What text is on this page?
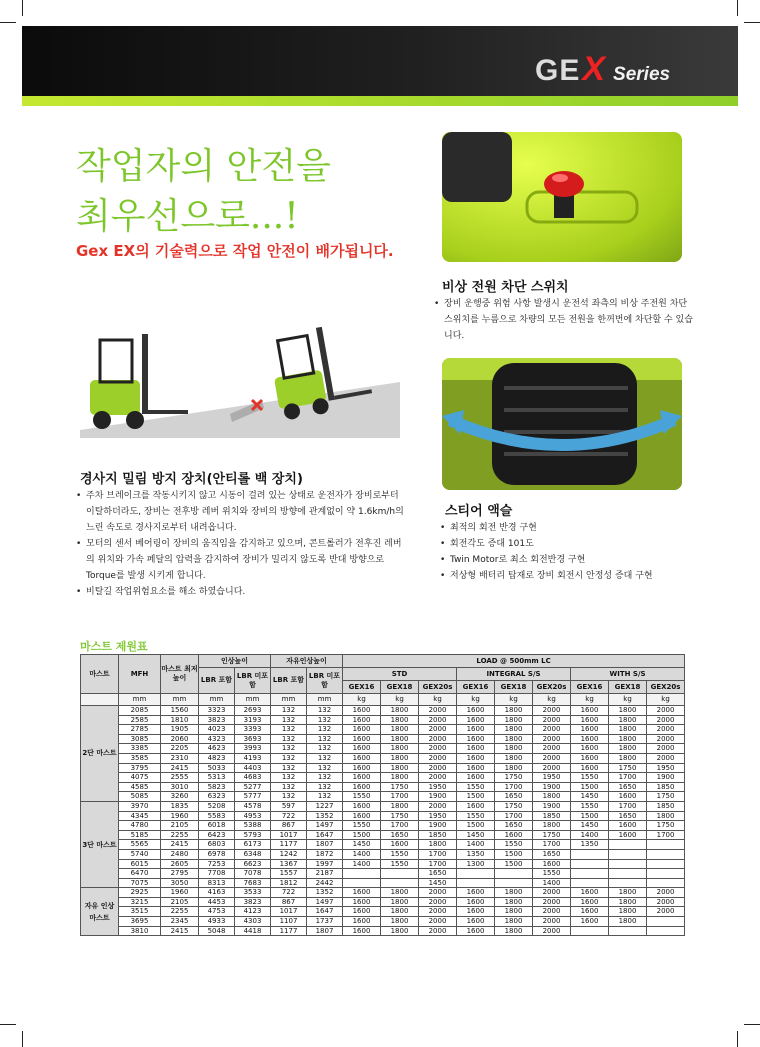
GE X Series
작업자의 안전을
최우선으로...!
Gex EX의 기술력으로 작업 안전이 배가됩니다.
비상 전원 차단 스위치
• 장비 운행중 위험 사항 발생시 운전석 좌측의 비상 주전원 차단 스위치를 누름으로 차량의 모든 전원을 한꺼번에 차단할 수 있습니다.
경사지 밀림 방지 장치(안티롤 백 장치)
• 주차 브레이크를 작동시키지 않고 시동이 걸려 있는 상태로 운전자가 장비로부터 이탈하더라도, 장비는 전후방 레버 위치와 장비의 방향에 관계없이 약 1.6km/h의 느린 속도로 경사지로부터 내려옵니다.
• 모터의 센서 베어링이 장비의 움직임을 감지하고 있으며, 콘트롤러가 전후진 레버의 위치와 가속 페달의 압력을 감지하여 장비가 밀리지 않도록 반대 방향으로 Torque를 발생 시키게 합니다.
• 비탈길 작업위험요소를 해소 하였습니다.
스티어 액슬
• 최적의 회전 반경 구현
• 회전각도 증대 101도
• Twin Motor로 최소 회전반경 구현
• 저상형 배터리 탑재로 장비 회전시 안정성 증대 구현
마스트 제원표
마스트	MFH	마스트 최저 높이	인상높이		자유인상높이		LOAD @ 500mm LC								
			LBR 포함	LBR 미포함	LBR 포함	LBR 미포함	STD			INTEGRAL S/S			WITH S/S		
							GEX16	GEX18	GEX20s	GEX16	GEX18	GEX20s	GEX16	GEX18	GEX20s
	mm	mm	mm	mm	mm	mm	kg	kg	kg	kg	kg	kg	kg	kg	kg
2단 마스트	2085	1560	3323	2693	132	132	1600	1800	2000	1600	1800	2000	1600	1800	2000
	2585	1810	3823	3193	132	132	1600	1800	2000	1600	1800	2000	1600	1800	2000
	2785	1905	4023	3393	132	132	1600	1800	2000	1600	1800	2000	1600	1800	2000
	3085	2060	4323	3693	132	132	1600	1800	2000	1600	1800	2000	1600	1800	2000
	3385	2205	4623	3993	132	132	1600	1800	2000	1600	1800	2000	1600	1800	2000
	3585	2310	4823	4193	132	132	1600	1800	2000	1600	1800	2000	1600	1800	2000
	3795	2415	5033	4403	132	132	1600	1800	2000	1600	1800	2000	1600	1750	1950
	4075	2555	5313	4683	132	132	1600	1800	2000	1600	1750	1950	1550	1700	1900
	4585	3010	5823	5277	132	132	1600	1750	1950	1550	1700	1900	1500	1650	1850
	5085	3260	6323	5777	132	132	1550	1700	1900	1500	1650	1800	1450	1600	1750
3단 마스트	3970	1835	5208	4578	597	1227	1600	1800	2000	1600	1750	1900	1550	1700	1850
	4345	1960	5583	4953	722	1352	1600	1750	1950	1550	1700	1850	1500	1650	1800
	4780	2105	6018	5388	867	1497	1550	1700	1900	1500	1650	1800	1450	1600	1750
	5185	2255	6423	5793	1017	1647	1500	1650	1850	1450	1600	1750	1400	1600	1700
	5565	2415	6803	6173	1177	1807	1450	1600	1800	1400	1550	1700	1350		
	5740	2480	6978	6348	1242	1872	1400	1550	1700	1350	1500	1650			
	6015	2605	7253	6623	1367	1997	1400	1550	1700	1300	1500	1600			
	6470	2795	7708	7078	1557	2187			1650			1550			
	7075	3050	8313	7683	1812	2442			1450			1400			
자유 인상 마스트	2925	1960	4163	3533	722	1352	1600	1800	2000	1600	1800	2000	1600	1800	2000
	3215	2105	4453	3823	867	1497	1600	1800	2000	1600	1800	2000	1600	1800	2000
	3515	2255	4753	4123	1017	1647	1600	1800	2000	1600	1800	2000	1600	1800	2000
	3695	2345	4933	4303	1107	1737	1600	1800	2000	1600	1800	2000	1600	1800	
	3810	2415	5048	4418	1177	1807	1600	1800	2000	1600	1800	2000			
